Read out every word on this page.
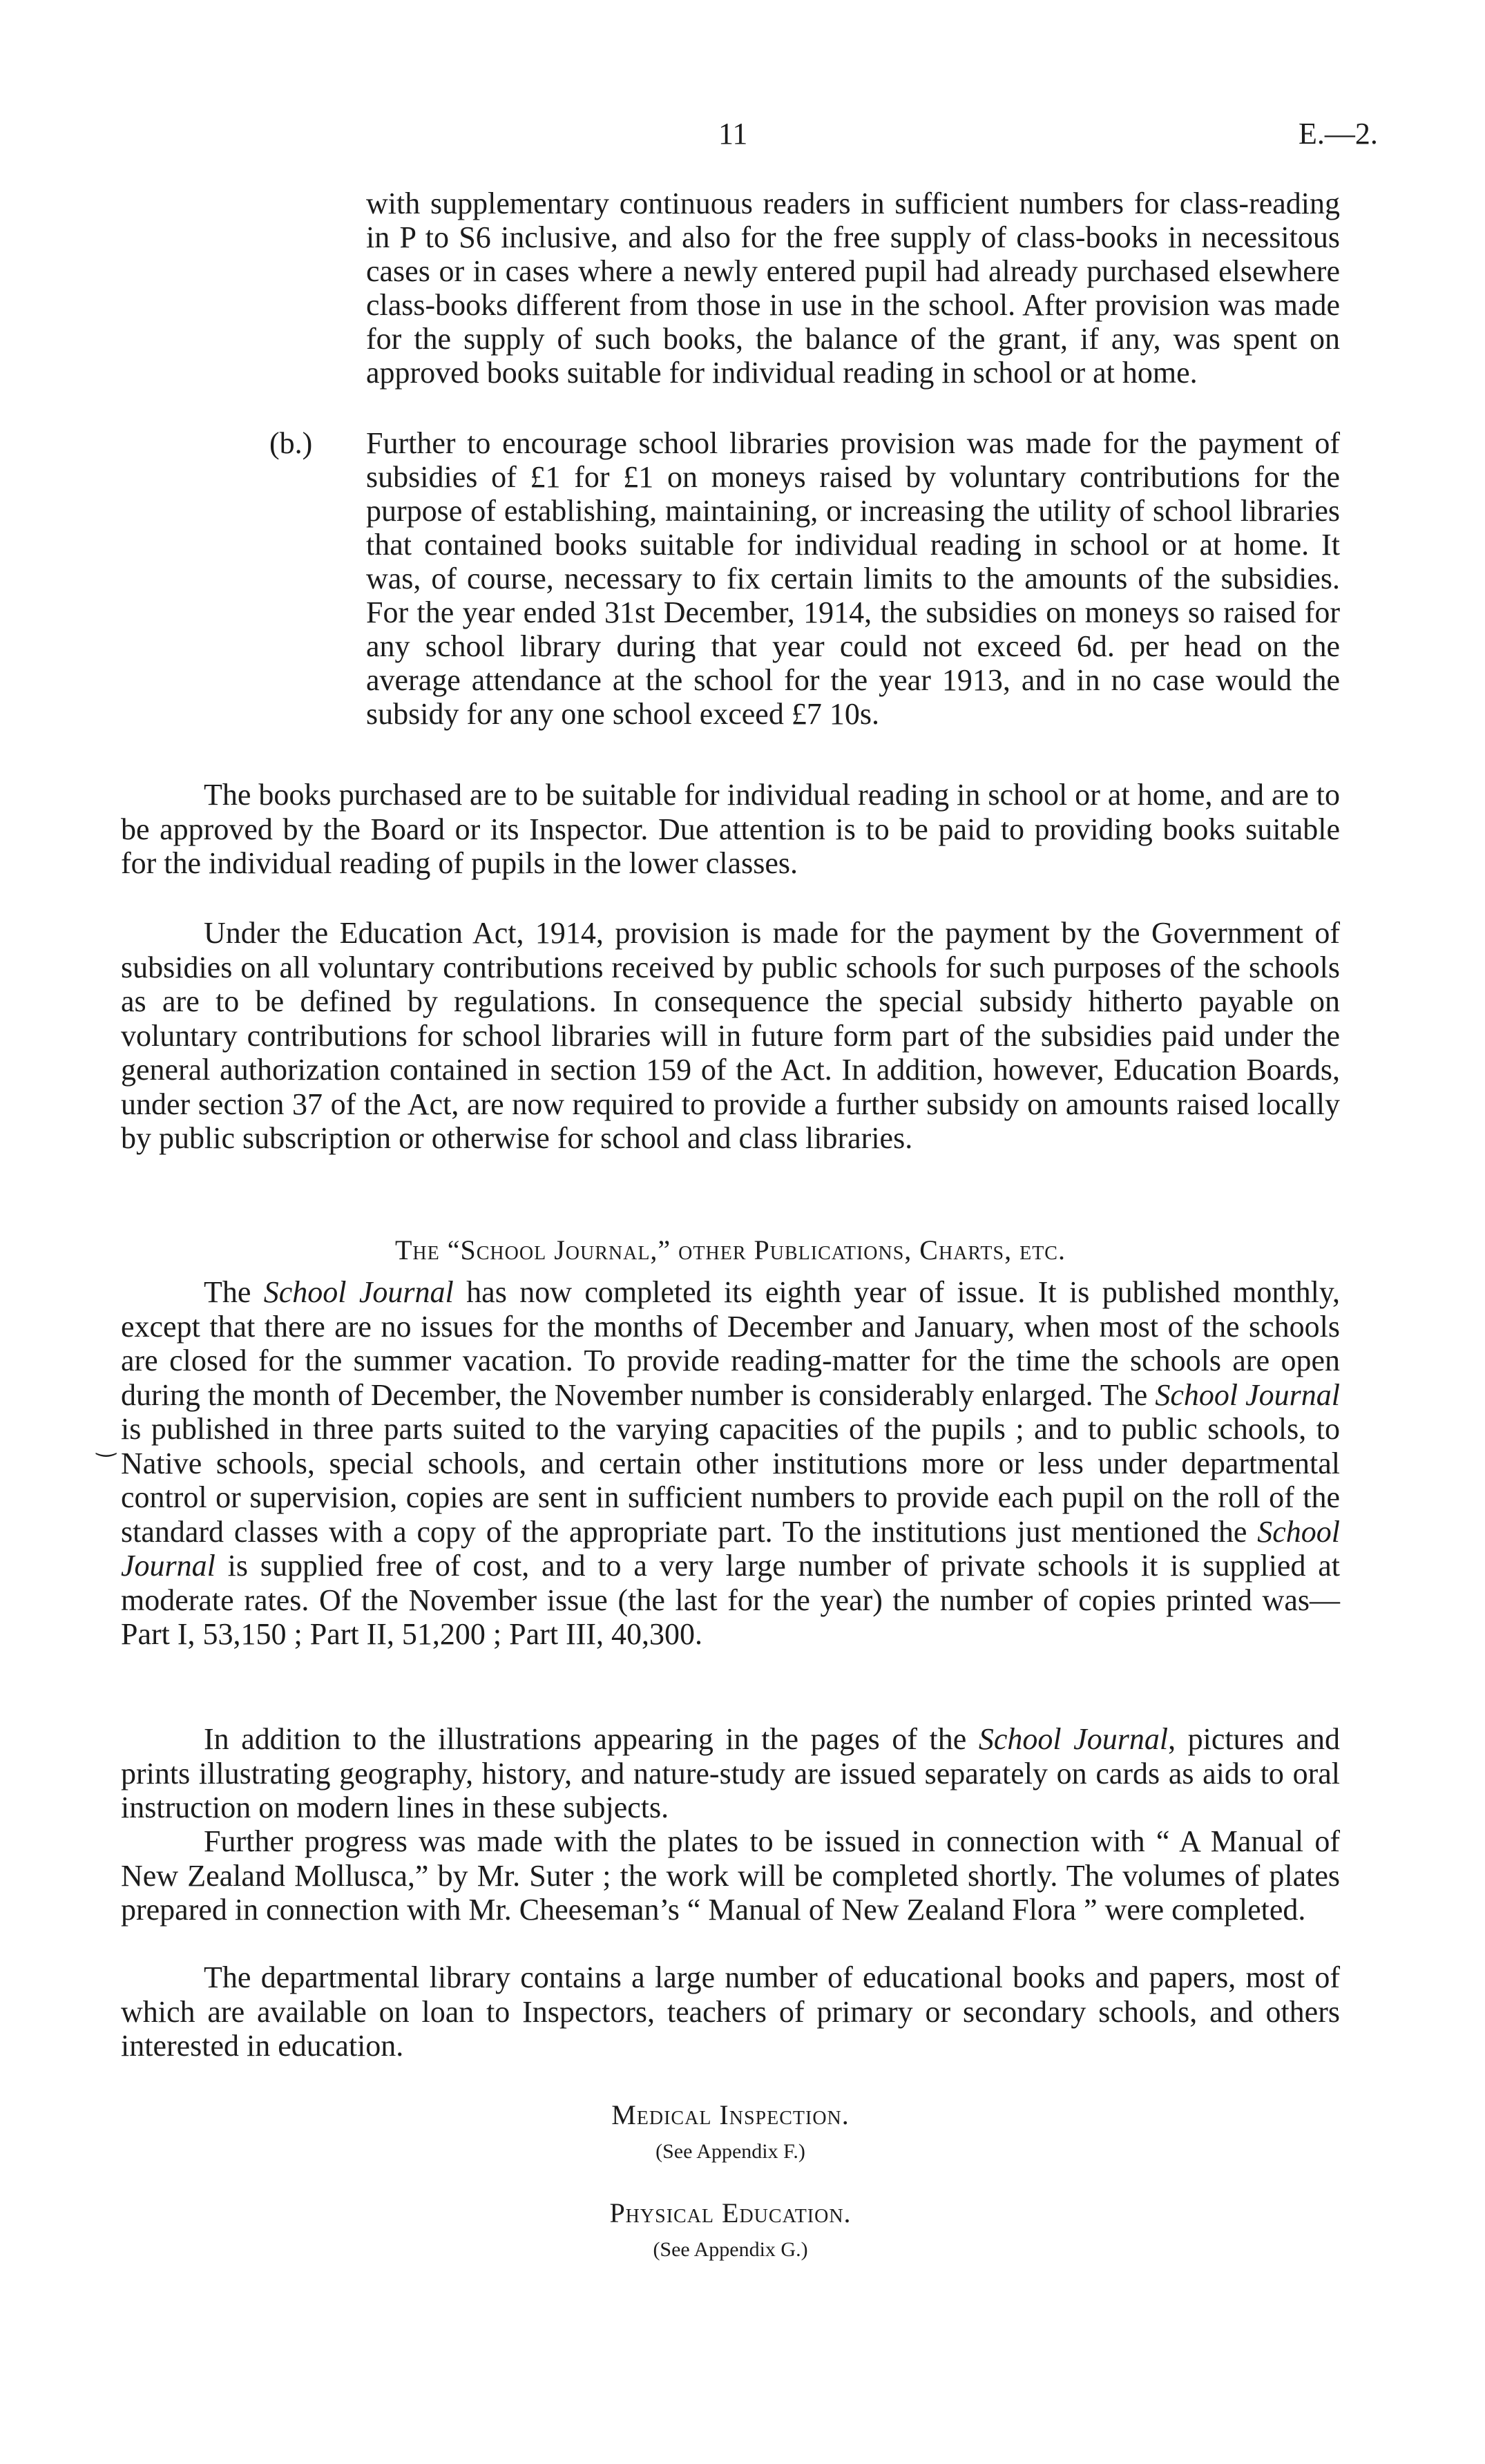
11	E.—2.

with supplementary continuous readers in sufficient numbers for class-reading in P to S6 inclusive, and also for the free supply of class-books in necessitous cases or in cases where a newly entered pupil had already purchased elsewhere class-books different from those in use in the school. After provision was made for the supply of such books, the balance of the grant, if any, was spent on approved books suitable for individual reading in school or at home.

(b.) Further to encourage school libraries provision was made for the payment of subsidies of £1 for £1 on moneys raised by voluntary contributions for the purpose of establishing, maintaining, or increasing the utility of school libraries that contained books suitable for individual reading in school or at home. It was, of course, necessary to fix certain limits to the amounts of the subsidies. For the year ended 31st December, 1914, the subsidies on moneys so raised for any school library during that year could not exceed 6d. per head on the average attendance at the school for the year 1913, and in no case would the subsidy for any one school exceed £7 10s.

The books purchased are to be suitable for individual reading in school or at home, and are to be approved by the Board or its Inspector. Due attention is to be paid to providing books suitable for the individual reading of pupils in the lower classes.

Under the Education Act, 1914, provision is made for the payment by the Government of subsidies on all voluntary contributions received by public schools for such purposes of the schools as are to be defined by regulations. In consequence the special subsidy hitherto payable on voluntary contributions for school libraries will in future form part of the subsidies paid under the general authorization contained in section 159 of the Act. In addition, however, Education Boards, under section 37 of the Act, are now required to provide a further subsidy on amounts raised locally by public subscription or otherwise for school and class libraries.

The “School Journal,” other Publications, Charts, etc.

The School Journal has now completed its eighth year of issue. It is published monthly, except that there are no issues for the months of December and January, when most of the schools are closed for the summer vacation. To provide reading-matter for the time the schools are open during the month of December, the November number is considerably enlarged. The School Journal is published in three parts suited to the varying capacities of the pupils ; and to public schools, to Native schools, special schools, and certain other institutions more or less under departmental control or supervision, copies are sent in sufficient numbers to provide each pupil on the roll of the standard classes with a copy of the appropriate part. To the institutions just mentioned the School Journal is supplied free of cost, and to a very large number of private schools it is supplied at moderate rates. Of the November issue (the last for the year) the number of copies printed was—Part I, 53,150 ; Part II, 51,200 ; Part III, 40,300.

‿

In addition to the illustrations appearing in the pages of the School Journal, pictures and prints illustrating geography, history, and nature-study are issued separately on cards as aids to oral instruction on modern lines in these subjects.

Further progress was made with the plates to be issued in connection with “ A Manual of New Zealand Mollusca,” by Mr. Suter ; the work will be completed shortly. The volumes of plates prepared in connection with Mr. Cheeseman’s “ Manual of New Zealand Flora ” were completed.

The departmental library contains a large number of educational books and papers, most of which are available on loan to Inspectors, teachers of primary or secondary schools, and others interested in education.

Medical Inspection.
(See Appendix F.)
Physical Education.
(See Appendix G.)
